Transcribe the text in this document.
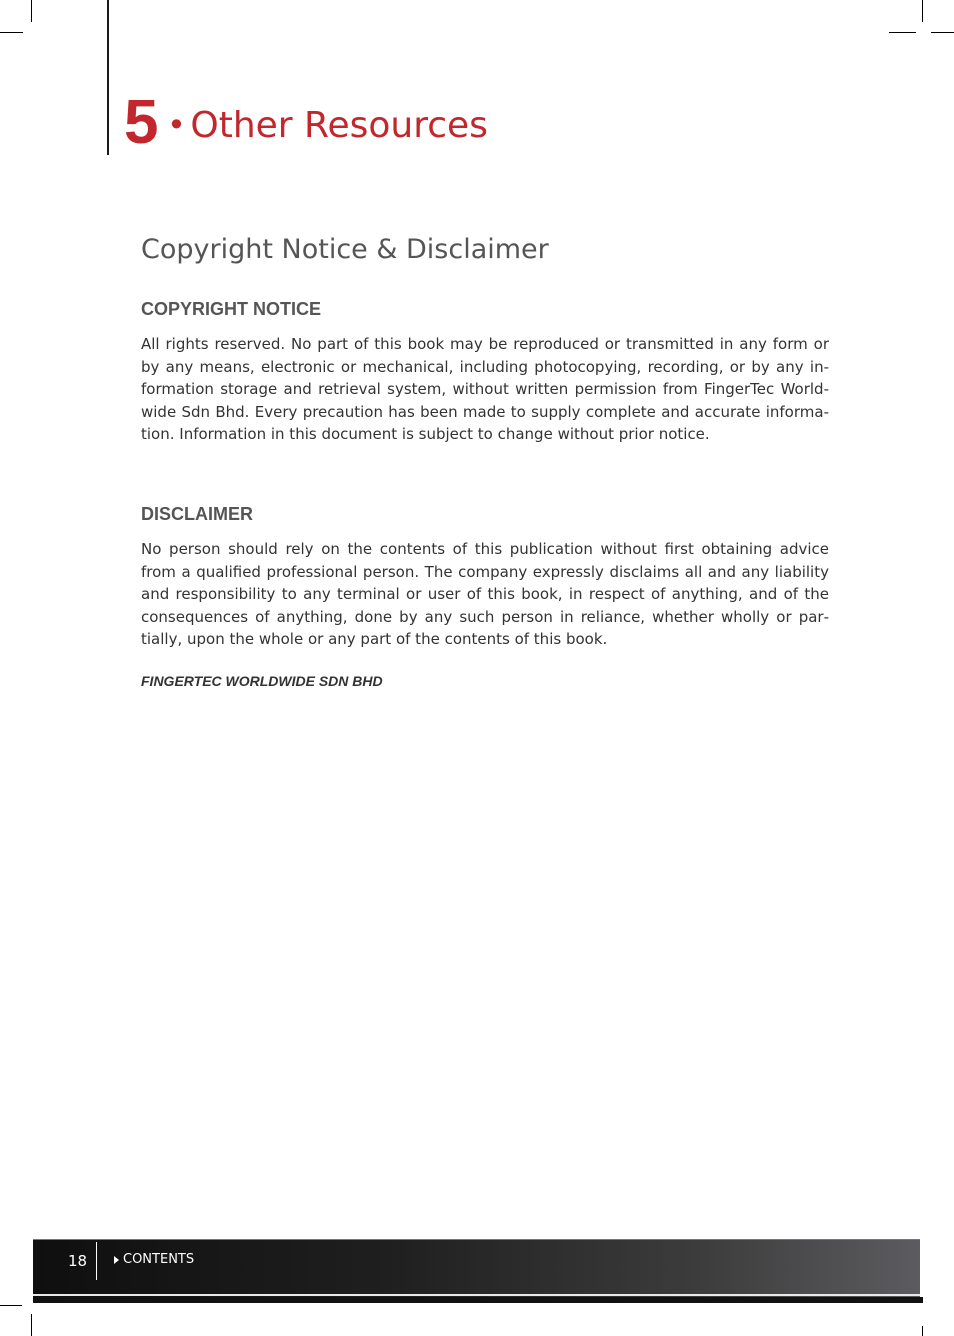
5 • Other Resources
Copyright Notice & Disclaimer
COPYRIGHT NOTICE

All rights reserved. No part of this book may be reproduced or transmitted in any form or by any means, electronic or mechanical, including photocopying, recording, or by any information storage and retrieval system, without written permission from FingerTec Worldwide Sdn Bhd. Every precaution has been made to supply complete and accurate information. Information in this document is subject to change without prior notice.

DISCLAIMER

No person should rely on the contents of this publication without first obtaining advice from a qualified professional person. The company expressly disclaims all and any liability and responsibility to any terminal or user of this book, in respect of anything, and of the consequences of anything, done by any such person in reliance, whether wholly or partially, upon the whole or any part of the contents of this book.

FINGERTEC WORLDWIDE SDN BHD
18	CONTENTS
